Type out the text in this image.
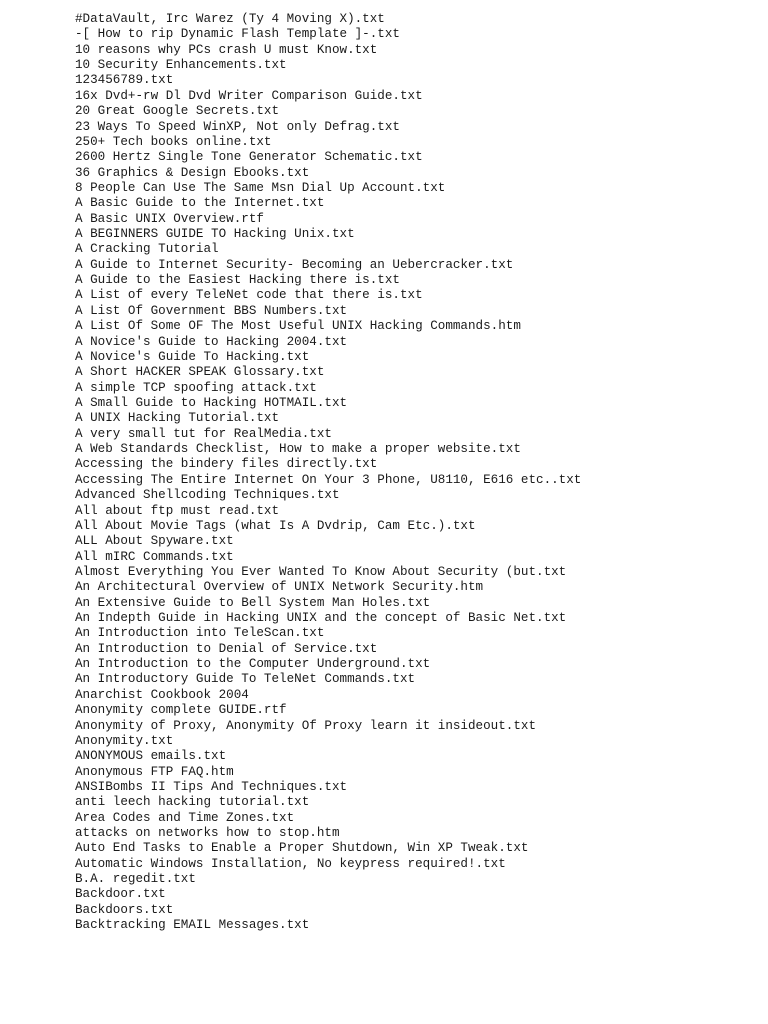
#DataVault, Irc Warez (Ty 4 Moving X).txt
-[ How to rip Dynamic Flash Template ]-.txt
10 reasons why PCs crash U must Know.txt
10 Security Enhancements.txt
123456789.txt
16x Dvd+-rw Dl Dvd Writer Comparison Guide.txt
20 Great Google Secrets.txt
23 Ways To Speed WinXP, Not only Defrag.txt
250+ Tech books online.txt
2600 Hertz Single Tone Generator Schematic.txt
36 Graphics & Design Ebooks.txt
8 People Can Use The Same Msn Dial Up Account.txt
A Basic Guide to the Internet.txt
A Basic UNIX Overview.rtf
A BEGINNERS GUIDE TO Hacking Unix.txt
A Cracking Tutorial
A Guide to Internet Security- Becoming an Uebercracker.txt
A Guide to the Easiest Hacking there is.txt
A List of every TeleNet code that there is.txt
A List Of Government BBS Numbers.txt
A List Of Some OF The Most Useful UNIX Hacking Commands.htm
A Novice's Guide to Hacking 2004.txt
A Novice's Guide To Hacking.txt
A Short HACKER SPEAK Glossary.txt
A simple TCP spoofing attack.txt
A Small Guide to Hacking HOTMAIL.txt
A UNIX Hacking Tutorial.txt
A very small tut for RealMedia.txt
A Web Standards Checklist, How to make a proper website.txt
Accessing the bindery files directly.txt
Accessing The Entire Internet On Your 3 Phone, U8110, E616 etc..txt
Advanced Shellcoding Techniques.txt
All about ftp must read.txt
All About Movie Tags (what Is A Dvdrip, Cam Etc.).txt
ALL About Spyware.txt
All mIRC Commands.txt
Almost Everything You Ever Wanted To Know About Security (but.txt
An Architectural Overview of UNIX Network Security.htm
An Extensive Guide to Bell System Man Holes.txt
An Indepth Guide in Hacking UNIX and the concept of Basic Net.txt
An Introduction into TeleScan.txt
An Introduction to Denial of Service.txt
An Introduction to the Computer Underground.txt
An Introductory Guide To TeleNet Commands.txt
Anarchist Cookbook 2004
Anonymity complete GUIDE.rtf
Anonymity of Proxy, Anonymity Of Proxy learn it insideout.txt
Anonymity.txt
ANONYMOUS emails.txt
Anonymous FTP FAQ.htm
ANSIBombs II Tips And Techniques.txt
anti leech hacking tutorial.txt
Area Codes and Time Zones.txt
attacks on networks how to stop.htm
Auto End Tasks to Enable a Proper Shutdown, Win XP Tweak.txt
Automatic Windows Installation, No keypress required!.txt
B.A. regedit.txt
Backdoor.txt
Backdoors.txt
Backtracking EMAIL Messages.txt
